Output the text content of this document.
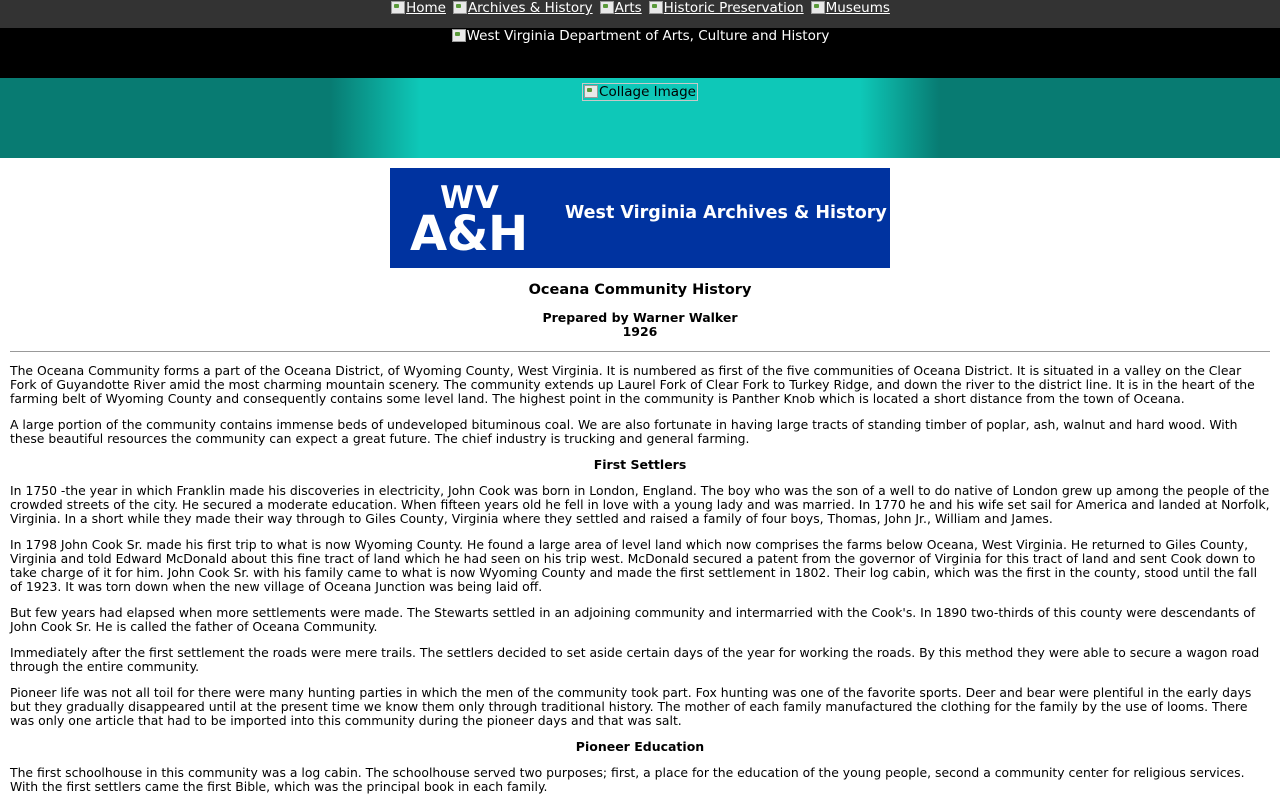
Home Archives & History Arts Historic Preservation Museums
West Virginia Department of Arts, Culture and History
Collage Image
WV
A&H West Virginia Archives & History
Oceana Community History
Prepared by Warner Walker
1926

The Oceana Community forms a part of the Oceana District, of Wyoming County, West Virginia. It is numbered as first of the five communities of Oceana District. It is situated in a valley on the Clear Fork of Guyandotte River amid the most charming mountain scenery. The community extends up Laurel Fork of Clear Fork to Turkey Ridge, and down the river to the district line. It is in the heart of the farming belt of Wyoming County and consequently contains some level land. The highest point in the community is Panther Knob which is located a short distance from the town of Oceana.

A large portion of the community contains immense beds of undeveloped bituminous coal. We are also fortunate in having large tracts of standing timber of poplar, ash, walnut and hard wood. With these beautiful resources the community can expect a great future. The chief industry is trucking and general farming.

First Settlers

In 1750 -the year in which Franklin made his discoveries in electricity, John Cook was born in London, England. The boy who was the son of a well to do native of London grew up among the people of the crowded streets of the city. He secured a moderate education. When fifteen years old he fell in love with a young lady and was married. In 1770 he and his wife set sail for America and landed at Norfolk, Virginia. In a short while they made their way through to Giles County, Virginia where they settled and raised a family of four boys, Thomas, John Jr., William and James.

In 1798 John Cook Sr. made his first trip to what is now Wyoming County. He found a large area of level land which now comprises the farms below Oceana, West Virginia. He returned to Giles County, Virginia and told Edward McDonald about this fine tract of land which he had seen on his trip west. McDonald secured a patent from the governor of Virginia for this tract of land and sent Cook down to take charge of it for him. John Cook Sr. with his family came to what is now Wyoming County and made the first settlement in 1802. Their log cabin, which was the first in the county, stood until the fall of 1923. It was torn down when the new village of Oceana Junction was being laid off.

But few years had elapsed when more settlements were made. The Stewarts settled in an adjoining community and intermarried with the Cook's. In 1890 two-thirds of this county were descendants of John Cook Sr. He is called the father of Oceana Community.

Immediately after the first settlement the roads were mere trails. The settlers decided to set aside certain days of the year for working the roads. By this method they were able to secure a wagon road through the entire community.

Pioneer life was not all toil for there were many hunting parties in which the men of the community took part. Fox hunting was one of the favorite sports. Deer and bear were plentiful in the early days but they gradually disappeared until at the present time we know them only through traditional history. The mother of each family manufactured the clothing for the family by the use of looms. There was only one article that had to be imported into this community during the pioneer days and that was salt.

Pioneer Education

The first schoolhouse in this community was a log cabin. The schoolhouse served two purposes; first, a place for the education of the young people, second a community center for religious services. With the first settlers came the first Bible, which was the principal book in each family.
